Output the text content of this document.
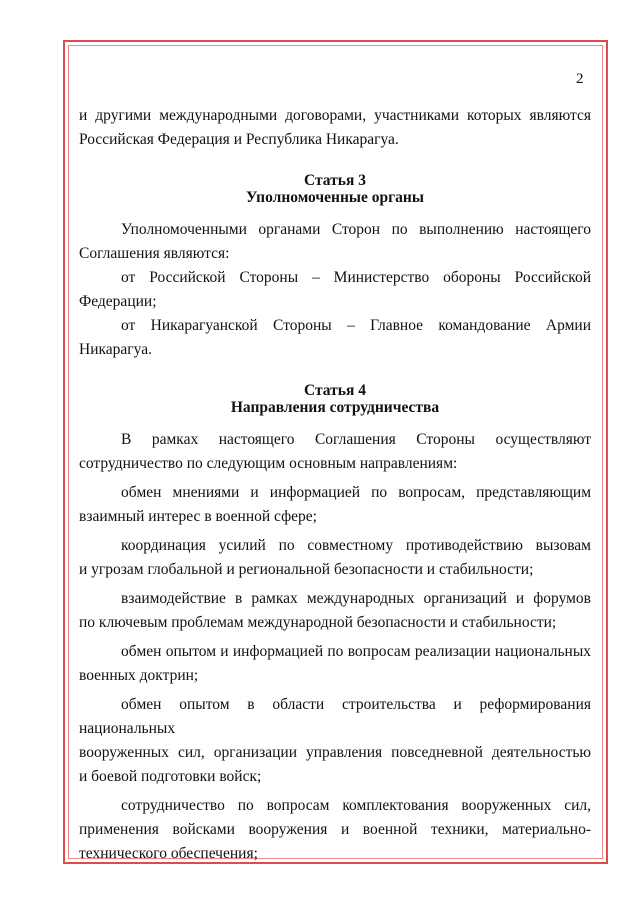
2
и другими международными договорами, участниками которых являются
Российская Федерация и Республика Никарагуа.
Статья 3
Уполномоченные органы
Уполномоченными органами Сторон по выполнению настоящего
Соглашения являются:
от Российской Стороны – Министерство обороны Российской
Федерации;
от Никарагуанской Стороны – Главное командование Армии Никарагуа.
Статья 4
Направления сотрудничества
В рамках настоящего Соглашения Стороны осуществляют
сотрудничество по следующим основным направлениям:
обмен мнениями и информацией по вопросам, представляющим
взаимный интерес в военной сфере;
координация усилий по совместному противодействию вызовам
и угрозам глобальной и региональной безопасности и стабильности;
взаимодействие в рамках международных организаций и форумов
по ключевым проблемам международной безопасности и стабильности;
обмен опытом и информацией по вопросам реализации национальных
военных доктрин;
обмен опытом в области строительства и реформирования национальных
вооруженных сил, организации управления повседневной деятельностью
и боевой подготовки войск;
сотрудничество по вопросам комплектования вооруженных сил,
применения войсками вооружения и военной техники, материально-
технического обеспечения;
